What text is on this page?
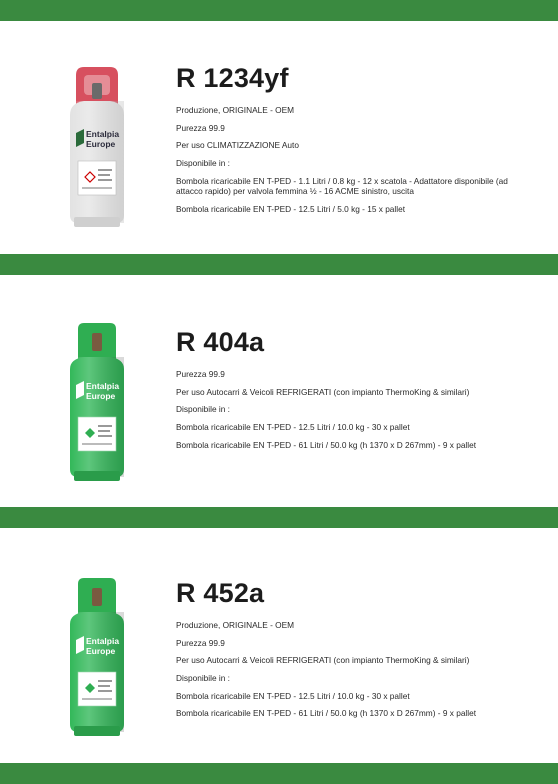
Entalpia
Europe
R 1234yf

Produzione, ORIGINALE - OEM

Purezza 99.9

Per uso CLIMATIZZAZIONE Auto

Disponibile in :

Bombola ricaricabile EN T-PED - 1.1 Litri / 0.8 kg - 12 x scatola - Adattatore disponibile (ad attacco rapido) per valvola femmina ½ - 16 ACME sinistro, uscita

Bombola ricaricabile EN T-PED - 12.5 Litri / 5.0 kg - 15 x pallet

Entalpia
Europe
R 404a

Purezza 99.9

Per uso Autocarri & Veicoli REFRIGERATI (con impianto ThermoKing & similari)

Disponibile in :

Bombola ricaricabile EN T-PED - 12.5 Litri / 10.0 kg - 30 x pallet

Bombola ricaricabile EN T-PED - 61 Litri / 50.0 kg (h 1370 x D 267mm) - 9 x pallet

Entalpia
Europe
R 452a

Produzione, ORIGINALE - OEM

Purezza 99.9

Per uso Autocarri & Veicoli REFRIGERATI (con impianto ThermoKing & similari)

Disponibile in :

Bombola ricaricabile EN T-PED - 12.5 Litri / 10.0 kg - 30 x pallet

Bombola ricaricabile EN T-PED - 61 Litri / 50.0 kg (h 1370 x D 267mm) - 9 x pallet
